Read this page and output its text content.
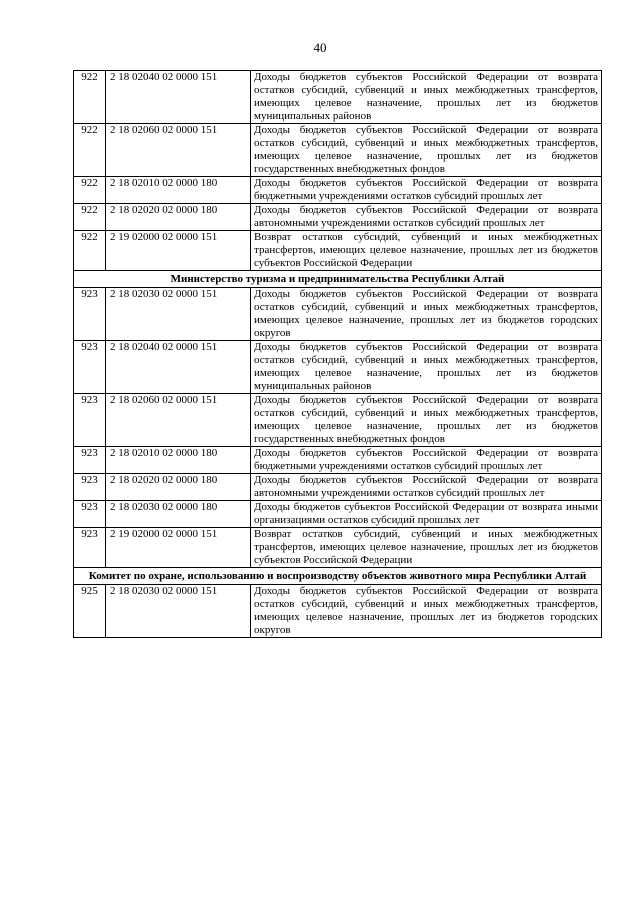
40
922	2 18 02040 02 0000 151	Доходы бюджетов субъектов Российской Федерации от возврата остатков субсидий, субвенций и иных межбюджетных трансфертов, имеющих целевое назначение, прошлых лет из бюджетов муниципальных районов
922	2 18 02060 02 0000 151	Доходы бюджетов субъектов Российской Федерации от возврата остатков субсидий, субвенций и иных межбюджетных трансфертов, имеющих целевое назначение, прошлых лет из бюджетов государственных внебюджетных фондов
922	2 18 02010 02 0000 180	Доходы бюджетов субъектов Российской Федерации от возврата бюджетными учреждениями остатков субсидий прошлых лет
922	2 18 02020 02 0000 180	Доходы бюджетов субъектов Российской Федерации от возврата автономными учреждениями остатков субсидий прошлых лет
922	2 19 02000 02 0000 151	Возврат остатков субсидий, субвенций и иных межбюджетных трансфертов, имеющих целевое назначение, прошлых лет из бюджетов субъектов Российской Федерации
Министерство туризма и предпринимательства Республики Алтай		
923	2 18 02030 02 0000 151	Доходы бюджетов субъектов Российской Федерации от возврата остатков субсидий, субвенций и иных межбюджетных трансфертов, имеющих целевое назначение, прошлых лет из бюджетов городских округов
923	2 18 02040 02 0000 151	Доходы бюджетов субъектов Российской Федерации от возврата остатков субсидий, субвенций и иных межбюджетных трансфертов, имеющих целевое назначение, прошлых лет из бюджетов муниципальных районов
923	2 18 02060 02 0000 151	Доходы бюджетов субъектов Российской Федерации от возврата остатков субсидий, субвенций и иных межбюджетных трансфертов, имеющих целевое назначение, прошлых лет из бюджетов государственных внебюджетных фондов
923	2 18 02010 02 0000 180	Доходы бюджетов субъектов Российской Федерации от возврата бюджетными учреждениями остатков субсидий прошлых лет
923	2 18 02020 02 0000 180	Доходы бюджетов субъектов Российской Федерации от возврата автономными учреждениями остатков субсидий прошлых лет
923	2 18 02030 02 0000 180	Доходы бюджетов субъектов Российской Федерации от возврата иными организациями остатков субсидий прошлых лет
923	2 19 02000 02 0000 151	Возврат остатков субсидий, субвенций и иных межбюджетных трансфертов, имеющих целевое назначение, прошлых лет из бюджетов субъектов Российской Федерации
Комитет по охране, использованию и воспроизводству объектов животного мира Республики Алтай		
925	2 18 02030 02 0000 151	Доходы бюджетов субъектов Российской Федерации от возврата остатков субсидий, субвенций и иных межбюджетных трансфертов, имеющих целевое назначение, прошлых лет из бюджетов городских округов
